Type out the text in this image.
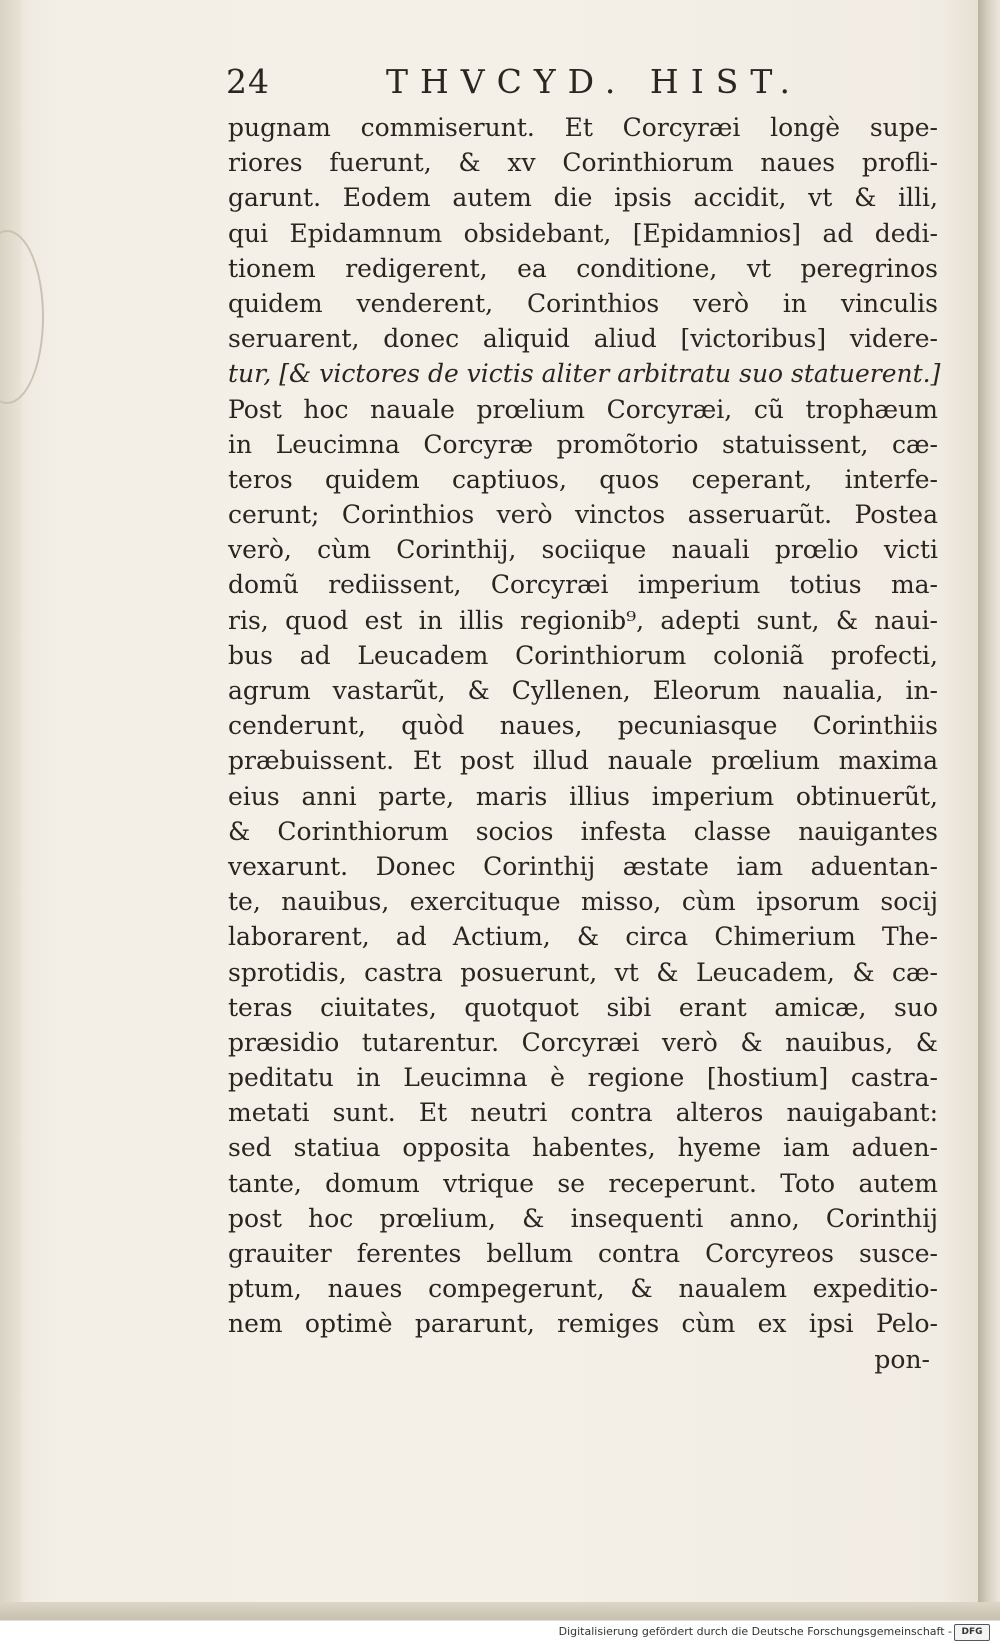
24	THVCYD. HIST.
pugnam commiserunt. Et Corcyræi longè supe-
riores fuerunt, & xv Corinthiorum naues profli-
garunt. Eodem autem die ipsis accidit, vt & illi,
qui Epidamnum obsidebant, [Epidamnios] ad dedi-
tionem redigerent, ea conditione, vt peregrinos
quidem venderent, Corinthios verò in vinculis
seruarent, donec aliquid aliud [victoribus] videre-
tur, [& victores de victis aliter arbitratu suo statuerent.]
Post hoc nauale prœlium Corcyræi, cũ trophæum
in Leucimna Corcyræ promõtorio statuissent, cæ-
teros quidem captiuos, quos ceperant, interfe-
cerunt; Corinthios verò vinctos asseruarũt. Postea
verò, cùm Corinthij, sociique nauali prœlio victi
domũ rediissent, Corcyræi imperium totius ma-
ris, quod est in illis regionib⁹, adepti sunt, & naui-
bus ad Leucadem Corinthiorum coloniã profecti,
agrum vastarũt, & Cyllenen, Eleorum naualia, in-
cenderunt, quòd naues, pecuniasque Corinthiis
præbuissent. Et post illud nauale prœlium maxima
eius anni parte, maris illius imperium obtinuerũt,
& Corinthiorum socios infesta classe nauigantes
vexarunt. Donec Corinthij æstate iam aduentan-
te, nauibus, exercituque misso, cùm ipsorum socij
laborarent, ad Actium, & circa Chimerium The-
sprotidis, castra posuerunt, vt & Leucadem, & cæ-
teras ciuitates, quotquot sibi erant amicæ, suo
præsidio tutarentur. Corcyræi verò & nauibus, &
peditatu in Leucimna è regione [hostium] castra-
metati sunt. Et neutri contra alteros nauigabant:
sed statiua opposita habentes, hyeme iam aduen-
tante, domum vtrique se receperunt. Toto autem
post hoc prœlium, & insequenti anno, Corinthij
grauiter ferentes bellum contra Corcyreos susce-
ptum, naues compegerunt, & naualem expeditio-
nem optimè pararunt, remiges cùm ex ipsi Pelo-
pon-
Digitalisierung gefördert durch die Deutsche Forschungsgemeinschaft -	DFG
